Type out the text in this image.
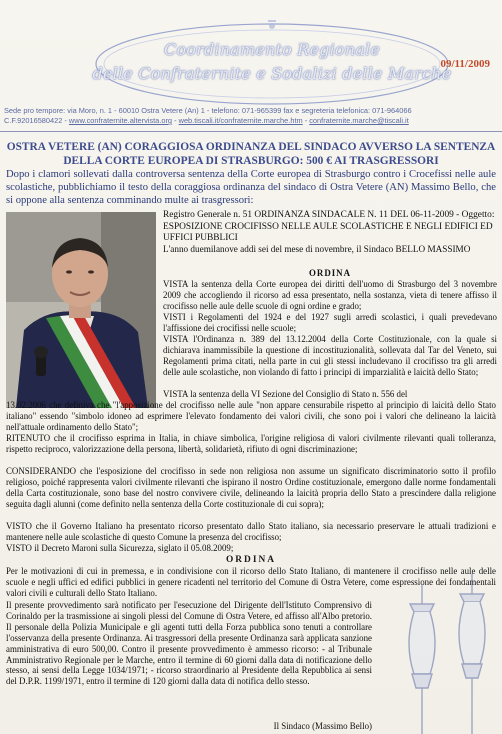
Coordinamento Regionale
delle Confraternite e Sodalizi delle Marche
09/11/2009
Sede pro tempore: via Moro, n. 1 - 60010 Ostra Vetere (An) 1 - telefono: 071-965399 fax e segreteria telefonica: 071-964066
C.F.92016580422 - www.confraternite.altervista.org - web.tiscali.it/confraternite.marche.htm - confraternite.marche@tiscali.it
OSTRA VETERE (AN) CORAGGIOSA ORDINANZA DEL SINDACO AVVERSO LA SENTENZA DELLA CORTE EUROPEA DI STRASBURGO: 500 € AI TRASGRESSORI
Dopo i clamori sollevati dalla controversa sentenza della Corte europea di Strasburgo contro i Crocefissi nelle aule scolastiche, pubblichiamo il testo della coraggiosa ordinanza del sindaco di Ostra Vetere (AN) Massimo Bello, che si oppone alla sentenza comminando multe ai trasgressori:
Registro Generale n. 51 ORDINANZA SINDACALE N. 11 DEL 06-11-2009 - Oggetto: ESPOSIZIONE CROCIFISSO NELLE AULE SCOLASTICHE E NEGLI EDIFICI ED UFFICI PUBBLICI
L'anno duemilanove addì sei del mese di novembre, il Sindaco BELLO MASSIMO
ORDINA
VISTA la sentenza della Corte europea dei diritti dell'uomo di Strasburgo del 3 novembre 2009 che accogliendo il ricorso ad essa presentato, nella sostanza, vieta di tenere affisso il crocifisso nelle aule delle scuole di ogni ordine e grado;
VISTI i Regolamenti del 1924 e del 1927 sugli arredi scolastici, i quali prevedevano l'affissione dei crocifissi nelle scuole;
VISTA l'Ordinanza n. 389 del 13.12.2004 della Corte Costituzionale, con la quale si dichiarava inammissibile la questione di incostituzionalità, sollevata dal Tar del Veneto, sui Regolamenti prima citati, nella parte in cui gli stessi includevano il crocifisso tra gli arredi delle aule scolastiche, non violando di fatto i principi di imparzialità e laicità dello Stato;
VISTA la sentenza della VI Sezione del Consiglio di Stato n. 556 del
13.02.2006 che definiva che "l'apposizione del crocifisso nelle aule "non appare censurabile rispetto al principio di laicità dello Stato italiano" essendo "simbolo idoneo ad esprimere l'elevato fondamento dei valori civili, che sono poi i valori che delineano la laicità nell'attuale ordinamento dello Stato";
RITENUTO che il crocifisso esprima in Italia, in chiave simbolica, l'origine religiosa di valori civilmente rilevanti quali tolleranza, rispetto reciproco, valorizzazione della persona, libertà, solidarietà, rifiuto di ogni discriminazione;
CONSIDERANDO che l'esposizione del crocifisso in sede non religiosa non assume un significato discriminatorio sotto il profilo religioso, poiché rappresenta valori civilmente rilevanti che ispirano il nostro Ordine costituzionale, emergono dalle norme fondamentali della Carta costituzionale, sono base del nostro convivere civile, delineando la laicità propria dello Stato a prescindere dalla religione seguita dagli alunni (come definito nella sentenza della Corte costituzionale di cui sopra);
VISTO che il Governo Italiano ha presentato ricorso presentato dallo Stato italiano, sia necessario preservare le attuali tradizioni e mantenere nelle aule scolastiche di questo Comune la presenza del crocifisso;
VISTO il Decreto Maroni sulla Sicurezza, siglato il 05.08.2009;
ORDINA
Per le motivazioni di cui in premessa, e in condivisione con il ricorso dello Stato Italiano, di mantenere il crocifisso nelle aule delle scuole e negli uffici ed edifici pubblici in genere ricadenti nel territorio del Comune di Ostra Vetere, come espressione dei fondamentali valori civili e culturali dello Stato Italiano.
Il presente provvedimento sarà notificato per l'esecuzione del Dirigente dell'Istituto Comprensivo di Corinaldo per la trasmissione ai singoli plessi del Comune di Ostra Vetere, ed affisso all'Albo pretorio. Il personale della Polizia Municipale e gli agenti tutti della Forza pubblica sono tenuti a controllare l'osservanza della presente Ordinanza. Ai trasgressori della presente Ordinanza sarà applicata sanzione amministrativa di euro 500,00. Contro il presente provvedimento è ammesso ricorso: - al Tribunale Amministrativo Regionale per le Marche, entro il termine di 60 giorni dalla data di notificazione dello stesso, ai sensi della Legge 1034/1971; - ricorso straordinario al Presidente della Repubblica ai sensi del D.P.R. 1199/1971, entro il termine di 120 giorni dalla data di notifica dello stesso.
Il Sindaco (Massimo Bello)
